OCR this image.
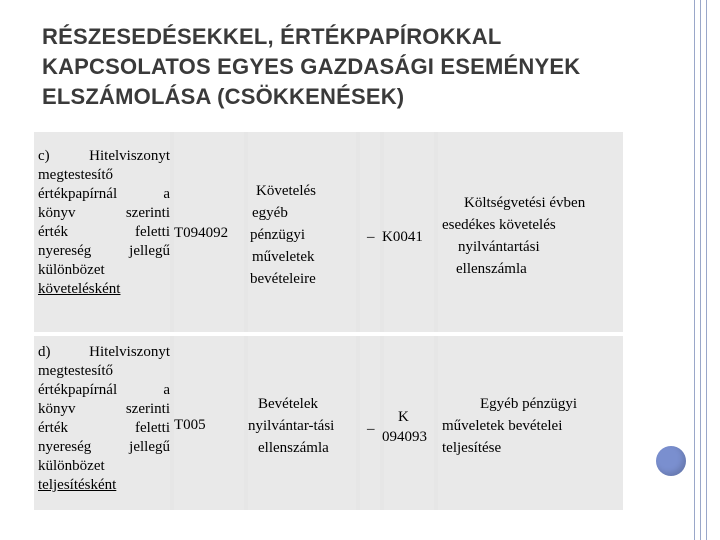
RÉSZESEDÉSEKKEL, ÉRTÉKPAPÍROKKAL
KAPCSOLATOS EGYES GAZDASÁGI ESEMÉNYEK
ELSZÁMOLÁSA (CSÖKKENÉSEK)
c) Hitelviszonyt
megtestesítő
értékpapírnál a
könyv szerinti
érték feletti
nyereség jellegű
különbözet
követelésként
T094092
Követelés
egyéb
pénzügyi
műveletek
bevételeire
– K0041
Költségvetési évben
esedékes követelés
nyilvántartási
ellenszámla
d) Hitelviszonyt
megtestesítő
értékpapírnál a
könyv szerinti
érték feletti
nyereség jellegű
különbözet
teljesítésként
T005
Bevételek
nyilvántar-tási
ellenszámla
–
K
094093
Egyéb pénzügyi
műveletek bevételei
teljesítése
